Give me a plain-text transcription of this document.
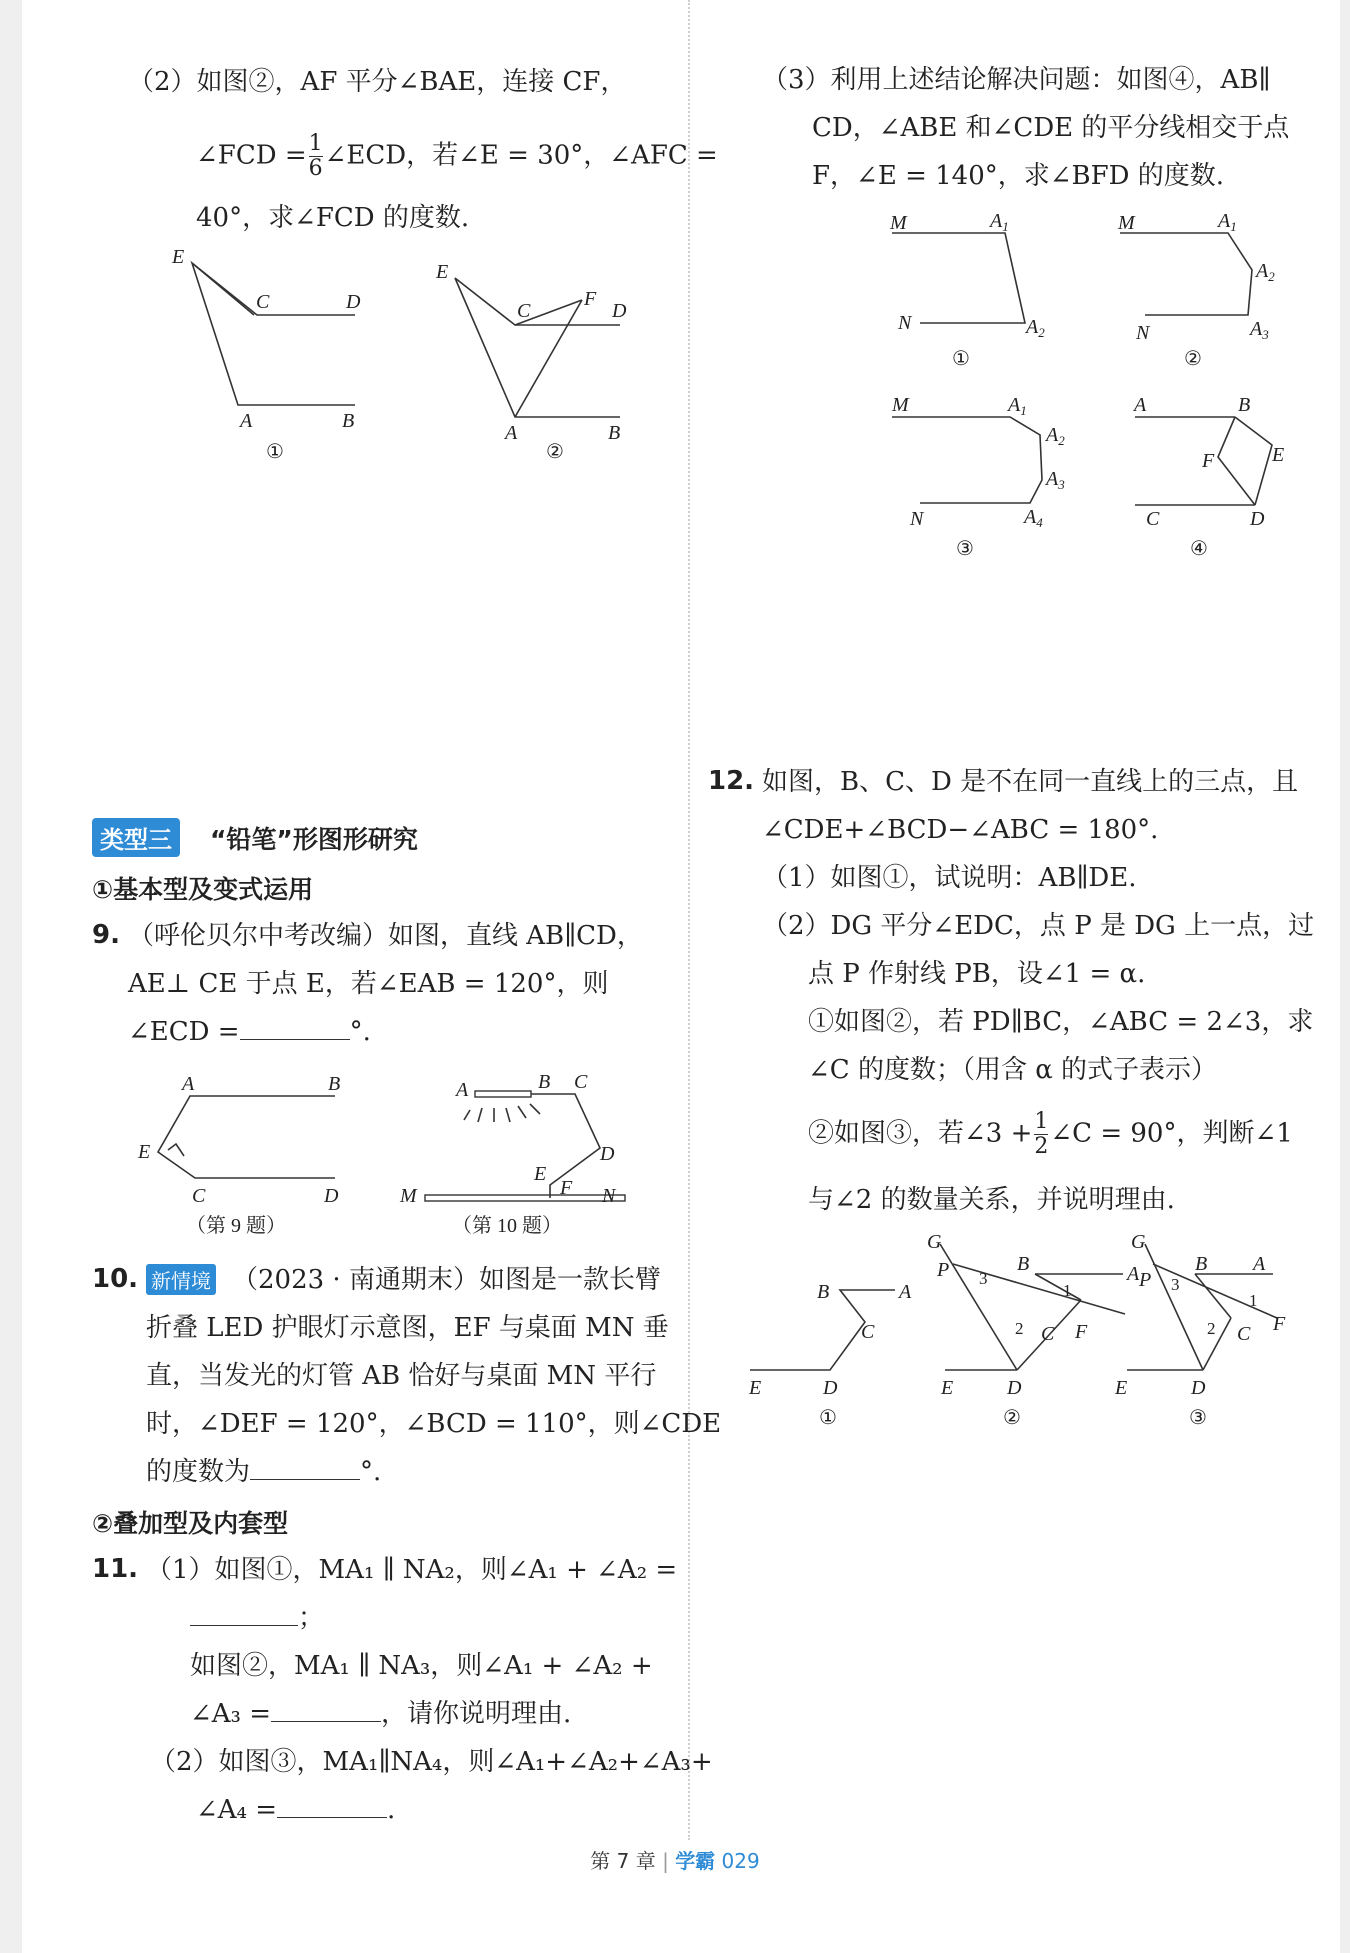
（2）如图②，AF 平分∠BAE，连接 CF，
∠FCD = $\frac{1}{6}$ ∠ECD，若∠E = 30°，∠AFC =
40°，求∠FCD 的度数.
E
C	D
A	B
①
E
C
F
D
A	B
②
（3）利用上述结论解决问题：如图④，AB∥
CD，∠ABE 和∠CDE 的平分线相交于点
F，∠E = 140°，求∠BFD 的度数.
M	$A_1$
N	$A_2$
①
M	$A_1$
$A_2$
N	$A_3$
②
M	$A_1$
$A_2$
$A_3$
N	$A_4$
③
A	B
F	E
C	D
④
类型三	“铅笔”形图形研究
①基本型及变式运用
9. （呼伦贝尔中考改编）如图，直线 AB∥CD，
AE⊥ CE 于点 E，若∠EAB = 120°，则
∠ECD =	°.
A	B
E
C	D
（第 9 题）
A	B C
D
E
F
M	N
（第 10 题）
10. 新情境 （2023 · 南通期末）如图是一款长臂
折叠 LED 护眼灯示意图，EF 与桌面 MN 垂
直，当发光的灯管 AB 恰好与桌面 MN 平行
时，∠DEF = 120°，∠BCD = 110°，则∠CDE
的度数为	°.
②叠加型及内套型
11. （1）如图①，MA₁ ∥ NA₂，则∠A₁ + ∠A₂ =
；
如图②，MA₁ ∥ NA₃，则∠A₁ + ∠A₂ +
∠A₃ =	，请你说明理由.
（2）如图③，MA₁∥NA₄，则∠A₁+∠A₂+∠A₃+
∠A₄ =	.
12. 如图，B、C、D 是不在同一直线上的三点，且
∠CDE+∠BCD−∠ABC = 180°.
（1）如图①，试说明：AB∥DE.
（2）DG 平分∠EDC，点 P 是 DG 上一点，过
点 P 作射线 PB，设∠1 = α.
①如图②，若 PD∥BC，∠ABC = 2∠3，求
∠C 的度数；（用含 α 的式子表示）
②如图③，若∠3 + $\frac{1}{2}$ ∠C = 90°，判断∠1
与∠2 的数量关系，并说明理由.
B	A
C
E	D
①
G
P 3
B	A
1
2 C F
E	D
②
G
P 3
B A
1
2 C F
E	D
③
第 7 章 | 学霸 029
